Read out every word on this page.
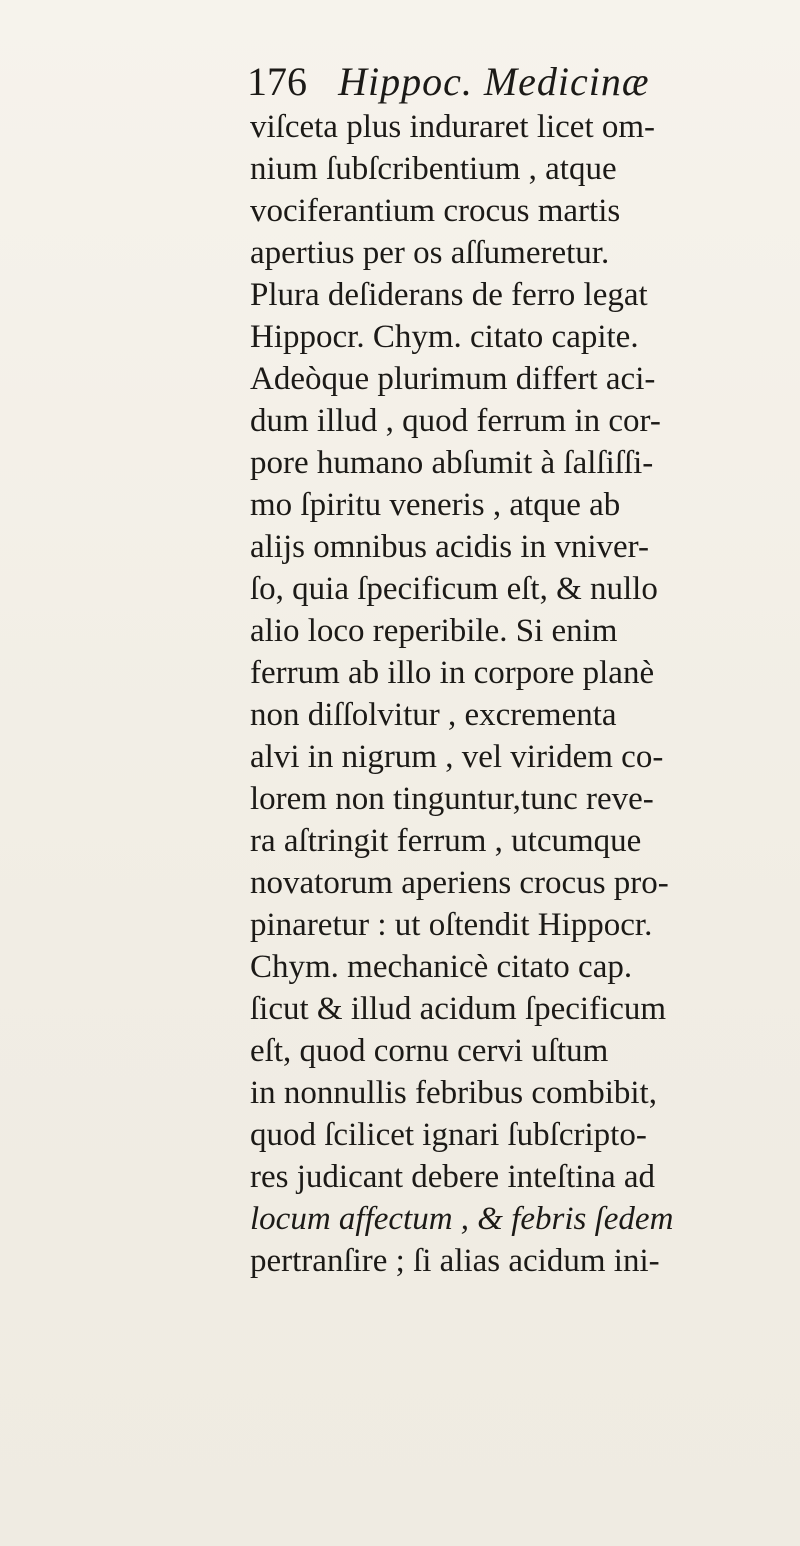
176 Hippoc. Medicinæ
viſceta plus induraret licet om-
nium ſubſcribentium , atque
vociferantium crocus martis
apertius per os aſſumeretur.
Plura deſiderans de ferro legat
Hippocr. Chym. citato capite.
Adeòque plurimum differt aci-
dum illud , quod ferrum in cor-
pore humano abſumit à ſalſiſſi-
mo ſpiritu veneris , atque ab
alijs omnibus acidis in vniver-
ſo, quia ſpecificum eſt, & nullo
alio loco reperibile. Si enim
ferrum ab illo in corpore planè
non diſſolvitur , excrementa
alvi in nigrum , vel viridem co-
lorem non tinguntur,tunc reve-
ra aſtringit ferrum , utcumque
novatorum aperiens crocus pro-
pinaretur : ut oſtendit Hippocr.
Chym. mechanicè citato cap.
ſicut & illud acidum ſpecificum
eſt, quod cornu cervi uſtum
in nonnullis febribus combibit,
quod ſcilicet ignari ſubſcripto-
res judicant debere inteſtina ad
locum affectum , & febris ſedem
pertranſire ; ſi alias acidum ini-
